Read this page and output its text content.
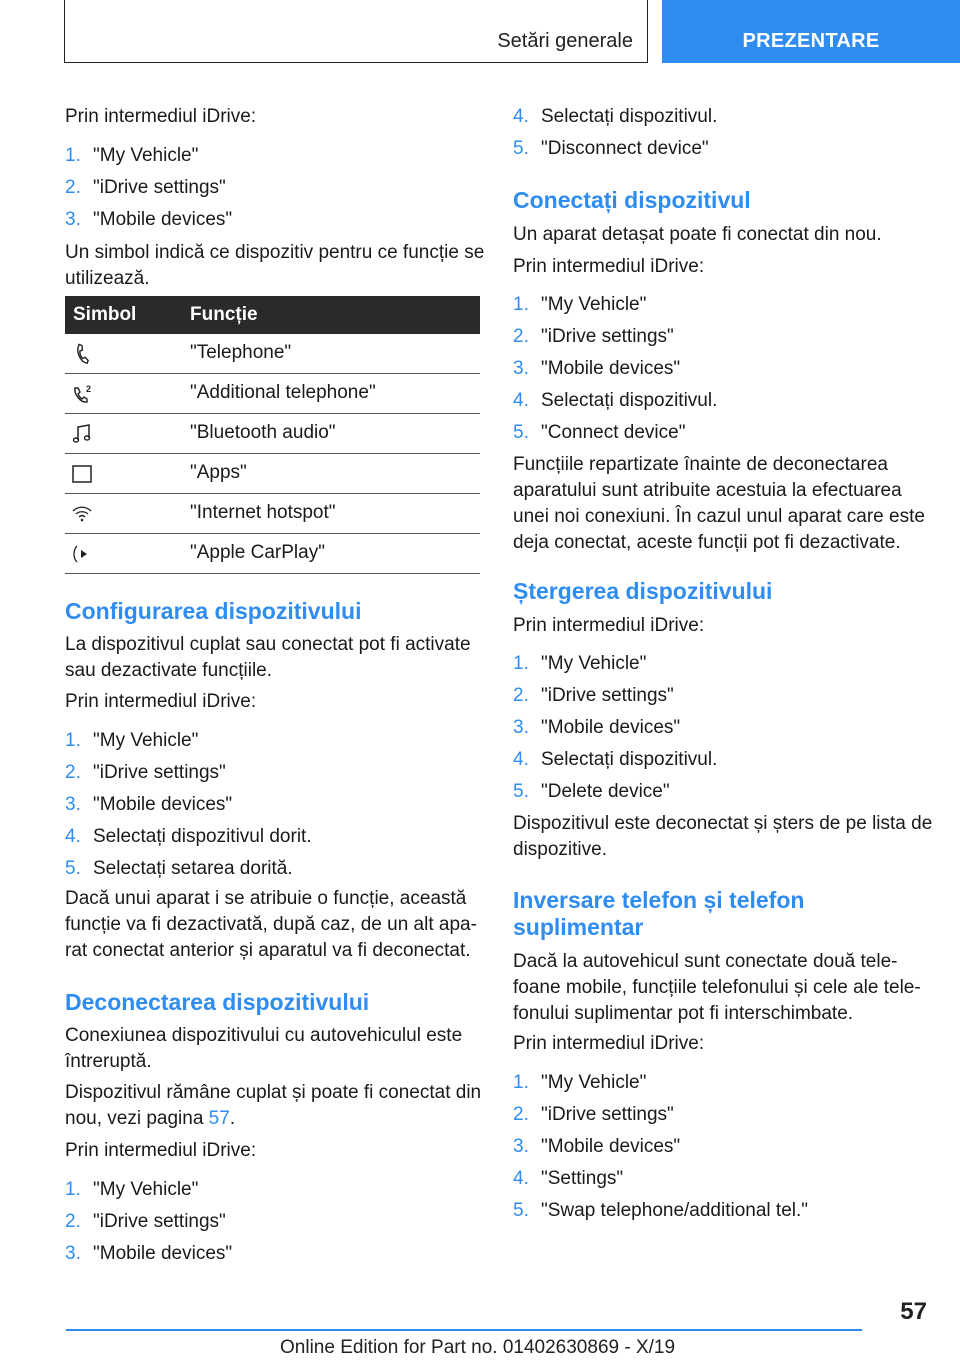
Setări generale	PREZENTARE
Prin intermediul iDrive:
1. "My Vehicle"
2. "iDrive settings"
3. "Mobile devices"
Un simbol indică ce dispozitiv pentru ce funcție se utilizează.
Simbol	Funcție
"Telephone"
2	"Additional telephone"
"Bluetooth audio"
"Apps"
"Internet hotspot"
"Apple CarPlay"
Configurarea dispozitivului
La dispozitivul cuplat sau conectat pot fi activate sau dezactivate funcțiile.
Prin intermediul iDrive:
1. "My Vehicle"
2. "iDrive settings"
3. "Mobile devices"
4. Selectați dispozitivul dorit.
5. Selectați setarea dorită.
Dacă unui aparat i se atribuie o funcție, această funcție va fi dezactivată, după caz, de un alt aparat conectat anterior și aparatul va fi deconectat.
Deconectarea dispozitivului
Conexiunea dispozitivului cu autovehiculul este întreruptă.
Dispozitivul rămâne cuplat și poate fi conectat din nou, vezi pagina 57.
Prin intermediul iDrive:
1. "My Vehicle"
2. "iDrive settings"
3. "Mobile devices"
4. Selectați dispozitivul.
5. "Disconnect device"
Conectați dispozitivul
Un aparat detașat poate fi conectat din nou.
Prin intermediul iDrive:
1. "My Vehicle"
2. "iDrive settings"
3. "Mobile devices"
4. Selectați dispozitivul.
5. "Connect device"
Funcțiile repartizate înainte de deconectarea aparatului sunt atribuite acestuia la efectuarea unei noi conexiuni. În cazul unul aparat care este deja conectat, aceste funcții pot fi dezactivate.
Ștergerea dispozitivului
Prin intermediul iDrive:
1. "My Vehicle"
2. "iDrive settings"
3. "Mobile devices"
4. Selectați dispozitivul.
5. "Delete device"
Dispozitivul este deconectat și șters de pe lista de dispozitive.
Inversare telefon și telefon suplimentar
Dacă la autovehicul sunt conectate două telefoane mobile, funcțiile telefonului și cele ale telefonului suplimentar pot fi interschimbate.
Prin intermediul iDrive:
1. "My Vehicle"
2. "iDrive settings"
3. "Mobile devices"
4. "Settings"
5. "Swap telephone/additional tel."
57
Online Edition for Part no. 01402630869 - X/19
